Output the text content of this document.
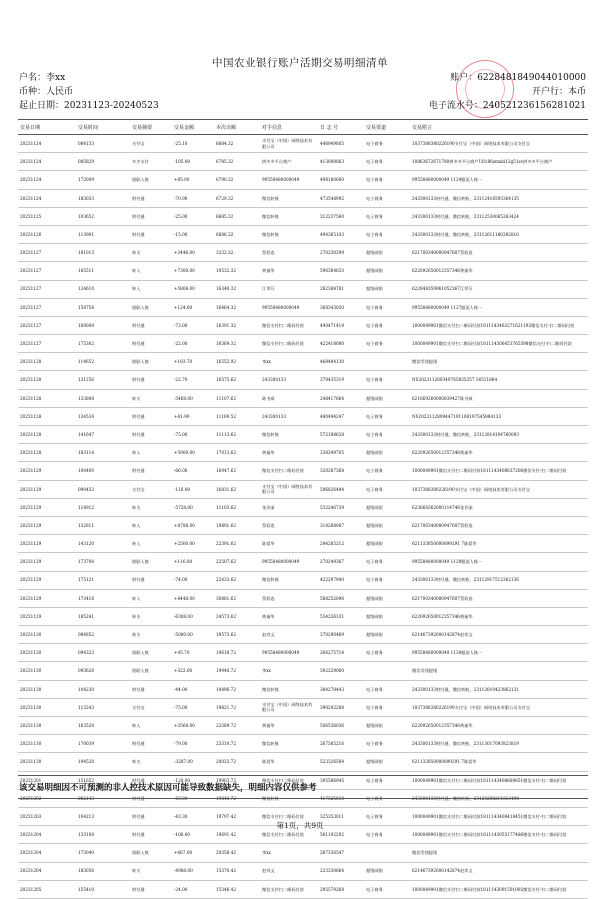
中国农业银行账户活期交易明细清单
户名：李xx
币种：人民币
起止日期：20231123-20240523
账户：6228481849044010000
开户行：本币
电子流水号：240521236156281021
交易日期	交易时间	交易摘要	交易金额	本次余额	对手信息	日 志 号	交易渠道	交易附言
20231124	084133	支付宝	-25.10	6684.32	支付宝（中国）网络技术有限公司	446949805	电子商务	1037388380226190支付宝（中国）网络技术有限公司支付宝
20231124	085829	多多支付	-105.00	6785.32	拼多多平台商户	413898063	电子商务	10863672671780拼多多平台商户U8186smxki12g51zc拼多多平台商户
20231124	172009	银联入账	+85.00	6790.32	99558480000049	498180660	电子商务	99558480000049 1124跟某人账一
20231124	183033	财付通	-70.90	6729.32	微信转账	473548992	电子商务	243300133财付通，微信转账，23112416593364135
20231125	103652	财付通	-25.00	6685.32	微信转账	312237560	电子商务	243300133财付通，微信转账，23112530065263424
20231126	113901	财付通	-15.00	6686.32	微信转账	494365103	电子商务	243300133财付通，微信转账，23112611180382810
20231127	181013	转支	+3446.00	3232.32	蔡彩选	270230299	超级网银	621700340000947607蔡彩选
20231127	185511	转入	+7300.00	10532.32	黄福华	596384633	超级网银	622092650012357346黄福华
20231127	124610	转入	+5808.00	16340.32	江翠芬	282388781	超级网银	622848359961052367江翠芬
20231127	158758	银联入账	+124.00	16464.32	99558480000049	368343030	电子商务	99558480000049 1127跟某人账一
20231127	160008	财付通	-73.00	16391.32	微信支付扫二维码付款	490471419	电子商务	1000049901微信支付扫二维码付款1811143463271621192微信支付-扫二维码付款
20231127	175302	财付通	-22.00	16369.32	微信支付扫二维码付款	422418080	电子商务	1000049901微信支付扫二维码付款181114306453765598微信支付-扫二维码付款
20231128	114652	银联入账	+183.70	16552.92	李xx	468484130		微信零钱提现
20231128	131256	财付通	-22.70	16575.62	243300133	370435319	电子商务	NS202311280349785835357 16511864
20231128	133808	转支	-5468.00	11107.62	陈书威	248417664	超级网银	621669260000839427陈书威
20231128	134534	财付通	+81.90	11189.52	243300133	480494247	电子商务	NS2023112809447191108197545884133
20231128	141647	财付通	-75.00	11113.62	微信转账	572188638	电子商务	243300133财付通，微信转账，23112814104760093
20231128	183114	转入	+5900.00	17013.62	黄福华	338249705	超级网银	622092650012357346黄福华
20231129	100400	财付通	-66.00	16947.62	微信支付扫二维码付款	320287368	电子商务	1000049901微信支付扫二维码付款1811143408637206微信支付-扫二维码付款
20231129	090453	支付宝	-116.00	16831.62	支付宝（中国）网络技术有限公司	596826494	电子商务	1037388380226190支付宝（中国）网络技术有限公司支付宝
20231129	114912	转支	-5728.00	11103.62	张芳丽	532246739	超级网银	623668362000114746张芳丽
20231129	132811	转入	+8788.00	19891.62	蔡彩选	318288087	超级网银	621700340000947607蔡彩选
20231129	143120	转入	+2500.00	22391.62	陈爱华	244285212	超级网银	621133850000899291 7陈爱华
20231129	173708	银联入账	+116.00	22507.62	99558480000049	270249367	电子商务	99558480000049 1129跟某人账一
20231129	175121	财付通	-74.00	22433.62	微信转账	422297940	电子商务	243300133财付通，微信转账，23112917512362136
20231129	173418	转入	+8448.00	30881.62	蔡彩选	588252096	超级网银	621700340000947607蔡彩选
20231129	185241	转支	-6308.00	24573.62	黄福华	554236331	超级网银	622092650012357346黄福华
20231130	084852	转支	-5000.00	19573.62	赵寿文	370290469	超级网银	621467392000142874赵寿文
20231130	094322	银联入账	+45.70	19618.72	99558480000049	266275714	电子商务	99558480000049 1130跟某人账一
20231130	093626	银联入账	+322.00	19940.72	李xx	392229060		微信零钱提现
20231130	104230	财付通	-44.00	19896.72	微信转账	384278443	电子商务	243300133财付通，微信转账，23113010423862131
20231130	113243	支付宝	-75.00	19821.72	支付宝（中国）网络技术有限公司	390242288	电子商务	1037388380226190支付宝（中国）网络技术有限公司支付宝
20231130	163524	转入	+3568.00	23389.72	黄福华	506536036	超级网银	622092650012357346黄福华
20231130	170039	财付通	-79.00	23310.72	微信转账	267565216	电子商务	243300133财付通，微信转账，23113017093823819
20231130	194528	转支	-3287.00	20023.72	陈爱华	523326564	超级网银	621133850000899291 7陈爱华
20231201	151652	财付通	-120.00	19903.72	微信支付扫二维码付款	395586945	电子商务	1000049901微信支付扫二维码付款1811143408689851微信支付-扫二维码付款
20231202	082143	财付通	-63.00	19840.72	微信转账	417325618	电子商务	243300133财付通，微信转账，23120208214313490
20231203	104213	财付通	-43.30	19797.42	微信支付扫二维码付款	325353011	电子商务	1000049901微信支付扫二维码付款1811143408418451微信支付-扫二维码付款
20231204	133108	财付通	-106.00	19691.42	微信支付扫二维码付款	561192292	电子商务	1000049901微信支付扫二维码付款1811143055177486微信支付-扫二维码付款
20231204	173040	银联入账	+667.00	20358.42	李xx	267336547		微信零钱提现
20231204	183056	转支	-4988.00	15370.42	赵寿文	223330664	超级网银	621467392000142874赵寿文
20231205	155410	财付通	-24.00	15346.42	微信支付扫二维码付款	295579268	电子商务	1000049901微信支付扫二维码付款1811143091591092微信支付-扫二维码付款
该交易明细因不可预测的非人控技术原因可能导致数据缺失，明细内容仅供参考
第1页，共9页
